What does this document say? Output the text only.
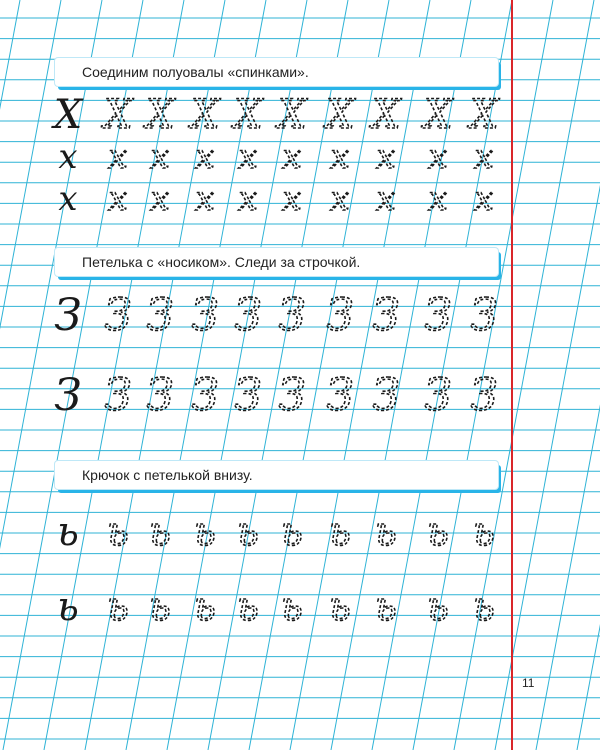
Соединим полуовалы «спинками».
Петелька с «носиком». Следи за строчкой.
Крючок с петелькой внизу.
Х Х Х Х Х Х Х Х Х Х
х х х х х х х х х х
х х х х х х х х х х
З З З З З З З З З З
З З З З З З З З З З
ь ь ь ь ь ь ь ь ь ь
ь ь ь ь ь ь ь ь ь ь
11
